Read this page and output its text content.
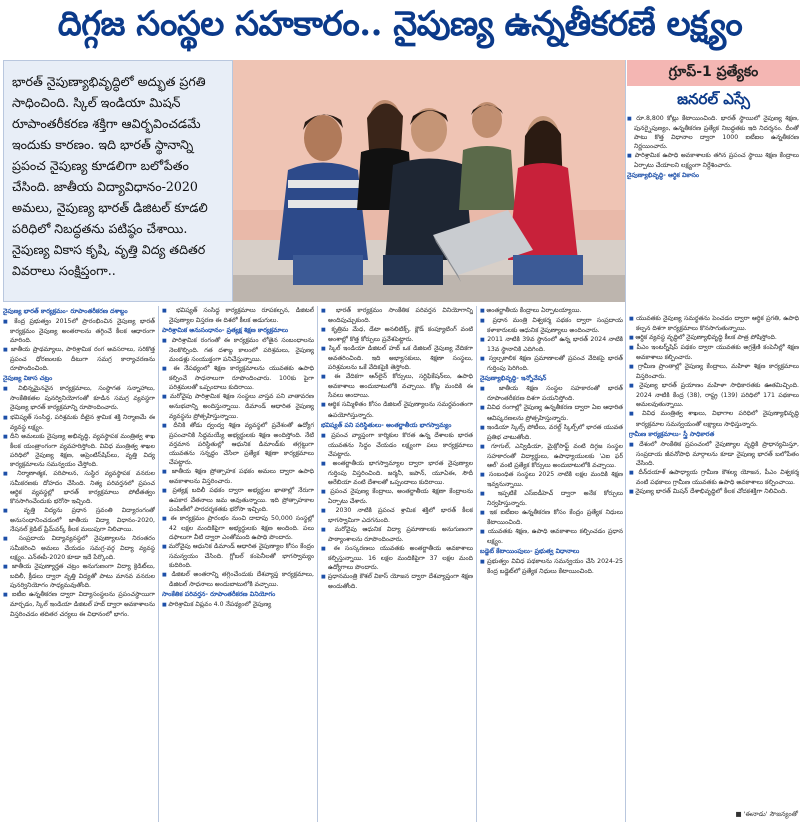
దిగ్గజ సంస్థల సహకారం.. నైపుణ్య ఉన్నతీకరణే లక్ష్యం
భారత్ నైపుణ్యాభివృద్ధిలో అద్భుత ప్రగతి సాధించింది. స్కిల్ ఇండియా మిషన్ రూపాంతరీకరణ శక్తిగా ఆవిర్భవించడమే ఇందుకు కారణం. ఇది భారత్ స్థానాన్ని ప్రపంచ నైపుణ్య కూడలిగా బలోపేతం చేసింది. జాతీయ విద్యావిధానం-2020 అమలు, నైపుణ్య భారత్ డిజిటల్ కూడలి పరిధిలో నిబద్ధతను పటిష్ఠం చేశాయి. నైపుణ్య వికాస కృషి, వృత్తి విద్య తదితర వివరాలు సంక్షిప్తంగా..
గ్రూప్-1 ప్రత్యేకం
జనరల్ ఎస్సే
■ రూ.8,800 కోట్లు కేటాయించింది. భారత్ స్థాయిలో నైపుణ్య శిక్షణ, పునర్నైపుణ్యం, ఉన్నతీకరణ ప్రత్యేక నిబద్ధతకు ఇది నిదర్శనం. దీంతో పాటు కొత్త విధానాల ద్వారా 1000 ఐటీఐల ఉన్నతీకరణ నిర్ణయించారు.
■ పారిశ్రామిక ఉపాధి అవకాశాలకు తగిన ప్రపంచ స్థాయి శిక్షణ కేంద్రాలు ఏర్పాటు చేయాలని లక్ష్యంగా నిర్దేశించారు.
నైపుణ్యాభివృద్ధి- ఆర్థిక వికాసం
నైపుణ్య భారత్ కార్యక్రమం- రూపాంతరీకరణ దశాబ్దం
■ కేంద్ర ప్రభుత్వం 2015లో ప్రారంభించిన నైపుణ్య భారత్ కార్యక్రమం నైపుణ్య అంతరాలను తగ్గించే కీలక ఆధారంగా మారింది.
■ జాతీయ ప్రాథమ్యాలు, పారిశ్రామిక రంగ అవసరాలు, సరికొత్త ప్రపంచ ధోరణులకు దీటుగా సమగ్ర కార్యాచరణను రూపొందించింది.
నైపుణ్య వికాస చట్రం
■ విభిన్నమైనవైన కార్యక్రమాలు, సంస్థాగత సన్నాహాలు, సాంకేతికతల పునర్వినియోగంతో కూడిన సమగ్ర వ్యవస్థగా నైపుణ్య భారత్ కార్యక్రమాన్ని రూపొందించారు.
■ భవిష్యత్ సంసిద్ధ, పరిశ్రమకు దీటైన శ్రామిక శక్తి నిర్మాణమే ఈ వ్యవస్థ లక్ష్యం.
■ దీని అమలుకు నైపుణ్య అభివృద్ధి, వ్యవస్థాపక మంత్రిత్వ శాఖ కీలక యంత్రాంగంగా వ్యవహరిస్తోంది. వివిధ మంత్రిత్వ శాఖల పరిధిలో నైపుణ్య శిక్షణ, అప్రెంటిస్‌షిప్‌లు, వృత్తి విద్య కార్యక్రమాలను సమన్వయం చేస్తోంది.
■ నిర్మాణాత్మక, పరిపాలన, సుస్థిర వ్యవస్థాపక వనరుల సమీకరణకు దోహదం చేసింది. నిత్య పరివర్తనలో ప్రపంచ ఆర్థిక వ్యవస్థల్లో భారత్ కార్యక్రమాలు పోటీతత్వం కొనసాగించేందుకు భరోసా ఇచ్చింది.
■ వృత్తి విద్యను ప్రధాన స్రవంతి విద్యారంగంతో అనుసంధానించడంలో జాతీయ విద్యా విధానం-2020, నేషనల్ క్రెడిట్ ఫ్రేమ్‌వర్క్ కీలక మలుపుగా నిలిచాయి.
■ సంప్రదాయ విద్యావ్యవస్థలో నైపుణ్యాలను నిరంతరం సమీకరించి అమలు చేయడం సమగ్ర-వర్గ విద్యా వ్యవస్థ లక్ష్యం. ఎన్ఈపీ-2020 కూడా ఇదే పేర్కొంది.
■ జాతీయ నైపుణ్యార్హత చట్రం అనుగుణంగా విద్యా క్రెడిట్‌లు, బదిలీ, క్రీడలు ద్వారా వృత్తి విద్యతో పాటు మానవ వనరుల పునర్వినియోగం సాధ్యమవుతోంది.
■ ఐటీఐ ఉన్నతీకరణ ద్వారా విద్యాసంస్థలను ప్రపంచస్థాయిగా మార్చడం, స్కిల్ ఇండియా డిజిటల్ హబ్ ద్వారా అవకాశాలను విస్తరించడం తదితర చర్యలు ఈ విధానంలో భాగం.
■ భవిష్యత్ సంసిద్ధ కార్యక్రమాలు రూపకల్పన, డిజిటల్ నైపుణ్యాల విస్తరణ ఈ దిశలో కీలక అడుగులు.
పారిశ్రామిక అనుసంధానం- ప్రత్యక్ష శిక్షణ కార్యక్రమాలు
■ పారిశ్రామిక రంగంతో ఈ కార్యక్రమం లోతైన సంబంధాలను నెలకొల్పింది. గత దశాబ్ద కాలంలో పరిశ్రమలు, నైపుణ్య మండళ్లు సంయుక్తంగా పనిచేస్తున్నాయి.
■ ఈ నేపథ్యంలో శిక్షణ కార్యక్రమాలను యువతకు ఉపాధి కల్పించే సాధనాలుగా రూపొందించారు. 100కు పైగా పరిశ్రమలతో ఒప్పందాలు కుదిరాయి.
■ మరోవైపు పారిశ్రామిక శిక్షణ సంస్థలు వాస్తవ పని వాతావరణ అనుభవాన్ని అందిస్తున్నాయి. డిమాండ్ ఆధారిత నైపుణ్య వ్యవస్థను ప్రోత్సహిస్తున్నాయి.
■ దీనికి తోడు ద్వంద్వ శిక్షణ వ్యవస్థలో ప్రవేశంతో ఉద్యోగ ప్రపంచానికి సిద్ధమయ్యే అభ్యర్థులకు శిక్షణ అందిస్తోంది. నేటి వర్తమాన పరిస్థితుల్లో ఆధునిక డిమాండ్‌కు తగ్గట్టుగా యువతను సన్నద్ధం చేసేలా ప్రత్యేక శిక్షణా కార్యక్రమాలు చేపట్టారు.
■ జాతీయ శిక్షణ ప్రోత్సాహక పథకం అమలు ద్వారా ఉపాధి అవకాశాలను విస్తరించారు.
■ ప్రత్యక్ష బదిలీ పథకం ద్వారా అభ్యర్థుల ఖాతాల్లో నేరుగా ఉపకార వేతనాలు జమ అవుతున్నాయి. ఇది ప్రోత్సాహకాల పంపిణీలో పారదర్శకతకు భరోసా ఇచ్చింది.
■ ఈ కార్యక్రమం ప్రారంభం నుంచి దాదాపు 50,000 సంస్థల్లో 42 లక్షల మందికిపైగా అభ్యర్థులకు శిక్షణ అందింది. పలు దఫాలుగా వీటి ద్వారా ఎంతోమంది ఉపాధి పొందారు.
■ మరోవైపు ఆధునిక డిమాండ్ ఆధారిత నైపుణ్యాల కోసం కేంద్రం సమన్వయం చేసింది. గ్లోబల్ కంపెనీలతో భాగస్వామ్యం కుదిరింది.
■ డిజిటల్ అంతరాన్ని తగ్గించేందుకు దేశవ్యాప్త కార్యక్రమాలు, డిజిటల్ సాధనాలు అందుబాటులోకి వచ్చాయి.
సాంకేతిక పరివర్తన- రూపాంతరీకరణ వినియోగం
■ పారిశ్రామిక విప్లవం 4.0 నేపథ్యంలో నైపుణ్య
■ భారత్ కార్యక్రమం సాంకేతిక పరివర్తన వినియోగాన్ని అందిపుచ్చుకుంది.
■ కృత్రిమ మేధ, డేటా అనలిటిక్స్, క్లౌడ్ కంప్యూటింగ్ వంటి అంశాల్లో కొత్త కోర్సులు ప్రవేశపెట్టారు.
■ స్కిల్ ఇండియా డిజిటల్ హబ్ ఒక డిజిటల్ నైపుణ్య వేదికగా అవతరించింది. ఇది అభ్యాసకులు, శిక్షణా సంస్థలు, పరిశ్రమలను ఒకే వేదికపైకి తెస్తోంది.
■ ఈ వేదికగా ఆన్‌లైన్ కోర్సులు, సర్టిఫికేషన్‌లు, ఉపాధి అవకాశాలు అందుబాటులోకి వచ్చాయి. కోట్ల మందికి ఈ సేవలు అందాయి.
■ ఆర్థిక సమ్మిళితం కోసం డిజిటల్ నైపుణ్యాలను సమర్థవంతంగా ఉపయోగిస్తున్నారు.
భవిష్యత్ పని పరిస్థితులు- అంతర్జాతీయ భాగస్వామ్యం
■ ప్రపంచ వ్యాప్తంగా కార్మికుల కొరత ఉన్న దేశాలకు భారత యువతను సిద్ధం చేయడం లక్ష్యంగా పలు కార్యక్రమాలు చేపట్టారు.
■ అంతర్జాతీయ భాగస్వామ్యాల ద్వారా భారత నైపుణ్యాల గుర్తింపు విస్తరించింది. జర్మనీ, జపాన్, యూఏఈ, సౌదీ అరేబియా వంటి దేశాలతో ఒప్పందాలు కుదిరాయి.
■ ప్రపంచ నైపుణ్య కేంద్రాలు, అంతర్జాతీయ శిక్షణా కేంద్రాలను ఏర్పాటు చేశారు.
■ 2030 నాటికి ప్రపంచ శ్రామిక శక్తిలో భారత్ కీలక భాగస్వామిగా ఎదగనుంది.
■ మరోవైపు ఆధునిక విద్యా ప్రమాణాలకు అనుగుణంగా పాఠ్యాంశాలను రూపొందించారు.
■ ఈ సంస్కరణలు యువతకు అంతర్జాతీయ అవకాశాలు కల్పిస్తున్నాయి. 16 లక్షల మందికిపైగా 37 లక్షల మంది ఉద్యోగాలు పొందారు.
■ ప్రధానమంత్రి కౌశల్ వికాస్ యోజన ద్వారా దేశవ్యాప్తంగా శిక్షణ అందుతోంది.
■ అంతర్జాతీయ కేంద్రాలు ఏర్పాటయ్యాయి.
■ ప్రధాన మంత్రి విశ్వకర్మ పథకం ద్వారా సంప్రదాయ కళాకారులకు ఆధునిక నైపుణ్యాలు అందించారు.
■ 2011 నాటికి 39వ స్థానంలో ఉన్న భారత్ 2024 నాటికి 13వ స్థానానికి ఎదిగింది.
■ స్వల్పకాలిక శిక్షణ ప్రమాణాలతో ప్రపంచ వేదికపై భారత్ గుర్తింపు పెరిగింది.
నైపుణ్యాభివృద్ధి- ఇన్నోవేషన్
■ జాతీయ శిక్షణ సంస్థల సహకారంతో భారత్ రూపాంతరీకరణ దిశగా పయనిస్తోంది.
■ వివిధ రంగాల్లో నైపుణ్య ఉన్నతీకరణ ద్వారా ఏఐ ఆధారిత ఆవిష్కరణలను ప్రోత్సహిస్తున్నారు.
■ ఇండియా స్కిల్స్ పోటీలు, వరల్డ్ స్కిల్స్‌లో భారత యువత ప్రతిభ చాటుతోంది.
■ గూగుల్, ఎన్విడియా, మైక్రోసాఫ్ట్ వంటి దిగ్గజ సంస్థల సహకారంతో విద్యార్థులు, ఉపాధ్యాయులకు 'ఎఐ ఫర్ ఆల్' వంటి ప్రత్యేక కోర్సులు అందుబాటులోకి వచ్చాయి.
■ సంబంధిత సంస్థలు 2025 నాటికి లక్షల మందికి శిక్షణ ఇవ్వనున్నాయి.
■ ఇప్పటికే ఎస్‌ఐడీహెచ్ ద్వారా అనేక కోర్సులు నిర్వహిస్తున్నారు.
■ ఇక ఐటీఐల ఉన్నతీకరణ కోసం కేంద్రం ప్రత్యేక నిధులు కేటాయించింది.
■ యువతకు శిక్షణ, ఉపాధి అవకాశాలు కల్పించడం ప్రధాన లక్ష్యం.
బడ్జెట్ కేటాయింపులు- ప్రభుత్వ విధానాలు
■ ప్రభుత్వం వివిధ పథకాలను సమన్వయం చేసి 2024-25 కేంద్ర బడ్జెట్‌లో ప్రత్యేక నిధులు కేటాయించింది.
■ యువతకు నైపుణ్య సమర్థతను పెంచడం ద్వారా ఆర్థిక ప్రగతి, ఉపాధి కల్పన దిశగా కార్యక్రమాలు కొనసాగుతున్నాయి.
■ ఆర్థిక వ్యవస్థ వృద్ధిలో నైపుణ్యాభివృద్ధి కీలక పాత్ర పోషిస్తోంది.
■ పీఎం ఇంటర్న్‌షిప్ పథకం ద్వారా యువతకు అగ్రశ్రేణి కంపెనీల్లో శిక్షణ అవకాశాలు కల్పించారు.
■ గ్రామీణ ప్రాంతాల్లో నైపుణ్య కేంద్రాలు, మహిళా శిక్షణ కార్యక్రమాలు విస్తరించారు.
■ నైపుణ్య భారత్ ప్రయాణం మహిళా సాధికారతకు ఊతమిచ్చింది. 2024 నాటికి కేంద్ర (38), రాష్ట్ర (139) పరిధిలో 171 పథకాలు అమలవుతున్నాయి.
■ వివిధ మంత్రిత్వ శాఖలు, విభాగాల పరిధిలో నైపుణ్యాభివృద్ధి కార్యక్రమాల సమన్వయంతో లక్ష్యాలు సాధిస్తున్నారు.
గ్రామీణ కార్యక్రమాలు- స్త్రీ సాధికారత
■ దేశంలో సాంకేతిక ప్రపంచంలో నైపుణ్యాల వృద్ధికి ప్రాధాన్యమిస్తూ, సంప్రదాయ జీవనోపాధి మార్గాలను కూడా నైపుణ్య భారత్ బలోపేతం చేసింది.
■ దీన్‌దయాళ్ ఉపాధ్యాయ గ్రామీణ కౌశల్య యోజన, పీఎం విశ్వకర్మ వంటి పథకాలు గ్రామీణ యువతకు ఉపాధి అవకాశాలు కల్పించాయి.
■ నైపుణ్య భారత్ మిషన్ దేశాభివృద్ధిలో కీలక చోదకశక్తిగా నిలిచింది.
■ 'ఈనాడు' సౌజన్యంతో
